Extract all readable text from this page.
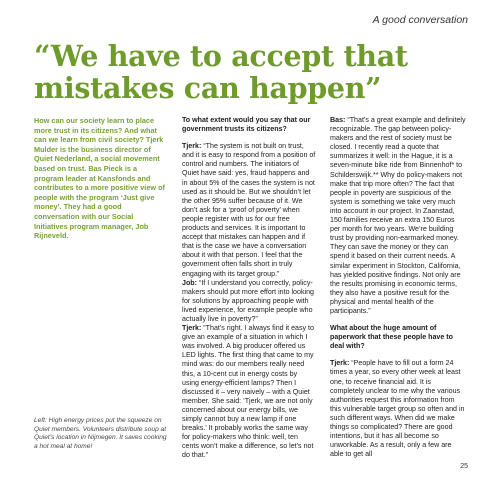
A good conversation
“We have to accept that mistakes can happen”
How can our society learn to place more trust in its citizens? And what can we learn from civil society? Tjerk Mulder is the business director of Quiet Nederland, a social movement based on trust. Bas Pieck is a program leader at Kansfonds and contributes to a more positive view of people with the program ‘Just give money’. They had a good conversation with our Social Initiatives program manager, Job Rijneveld.
Left: High energy prices put the squeeze on Quiet members. Volunteers distribute soup at Quiet’s location in Nijmegen. It saves cooking a hot meal at home!

To what extent would you say that our government trusts its citizens?

Tjerk: “The system is not built on trust, and it is easy to respond from a position of control and numbers. The initiators of Quiet have said: yes, fraud happens and in about 5% of the cases the system is not used as it should be. But we shouldn’t let the other 95% suffer because of it. We don’t ask for a ‘proof of poverty’ when people register with us for our free products and services. It is important to accept that mistakes can happen and if that is the case we have a conversation about it with that person. I feel that the government often falls short in truly engaging with its target group.”
Job: “If I understand you correctly, policy-makers should put more effort into looking for solutions by approaching people with lived experience, for example people who actually live in poverty?”
Tjerk: “That’s right. I always find it easy to give an example of a situation in which I was involved. A big producer offered us LED lights. The first thing that came to my mind was: do our members really need this, a 10-cent cut in energy costs by using energy-efficient lamps? Then I discussed it – very naively – with a Quiet member. She said: ‘Tjerk, we are not only concerned about our energy bills, we simply cannot buy a new lamp if one breaks.’ It probably works the same way for policy-makers who think: well, ten cents won’t make a difference, so let’s not do that.”

Bas: “That’s a great example and definitely recognizable. The gap between policy-makers and the rest of society must be closed. I recently read a quote that summarizes it well: in the Hague, it is a seven-minute bike ride from Binnenhof* to Schilderswijk.** Why do policy-makers not make that trip more often? The fact that people in poverty are suspicious of the system is something we take very much into account in our project. In Zaanstad, 150 families receive an extra 150 Euros per month for two years. We’re building trust by providing non-earmarked money. They can save the money or they can spend it based on their current needs. A similar experiment in Stockton, California, has yielded positive findings. Not only are the results promising in economic terms, they also have a positive result for the physical and mental health of the participants.”

What about the huge amount of paperwork that these people have to deal with?

Tjerk: “People have to fill out a form 24 times a year, so every other week at least one, to receive financial aid. It is completely unclear to me why the various authorities request this information from this vulnerable target group so often and in such different ways. When did we make things so complicated? There are good intentions, but it has all become so unworkable. As a result, only a few are able to get all
25
